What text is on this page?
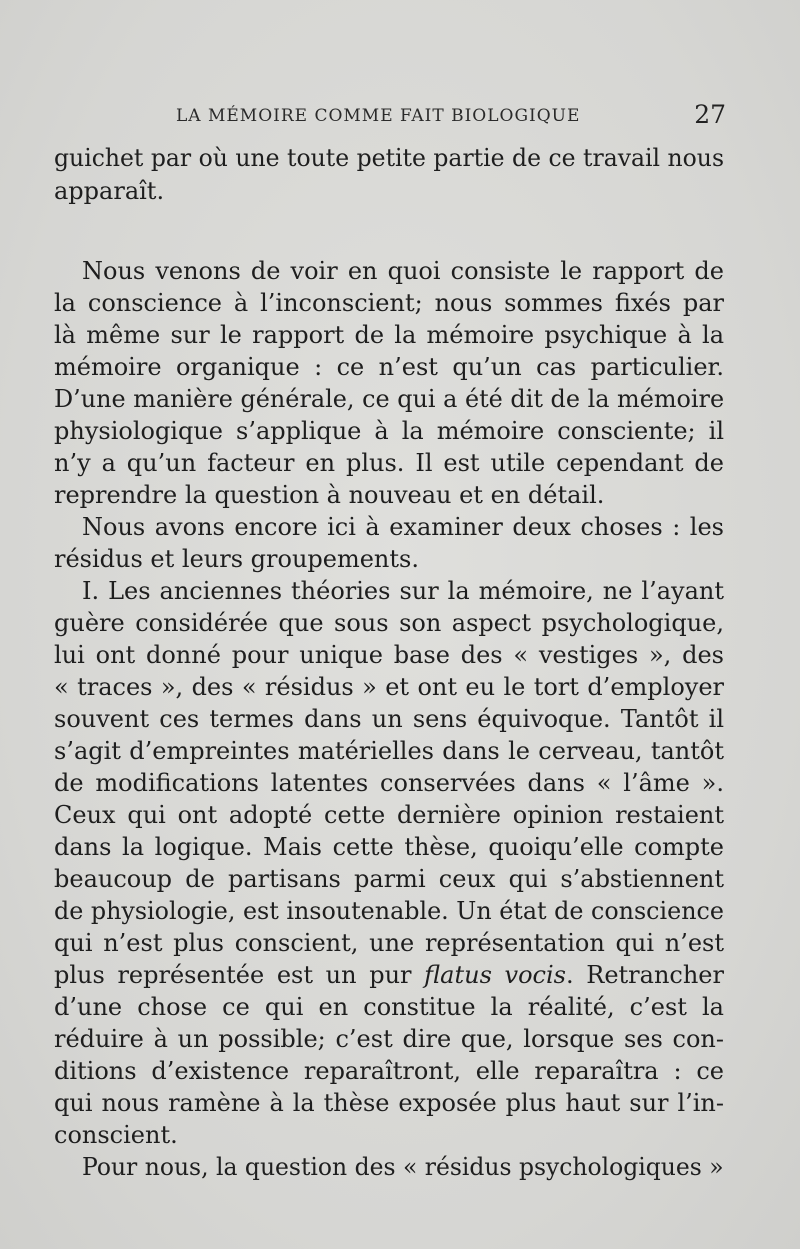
LA MÉMOIRE COMME FAIT BIOLOGIQUE	27
guichet par où une toute petite partie de ce travail nous
apparaît.
Nous venons de voir en quoi consiste le rapport de
la conscience à l’inconscient; nous sommes fixés par
là même sur le rapport de la mémoire psychique à la
mémoire organique : ce n’est qu’un cas particulier.
D’une manière générale, ce qui a été dit de la mémoire
physiologique s’applique à la mémoire consciente; il
n’y a qu’un facteur en plus. Il est utile cependant de
reprendre la question à nouveau et en détail.
Nous avons encore ici à examiner deux choses : les
résidus et leurs groupements.
I. Les anciennes théories sur la mémoire, ne l’ayant
guère considérée que sous son aspect psychologique,
lui ont donné pour unique base des « vestiges », des
« traces », des « résidus » et ont eu le tort d’employer
souvent ces termes dans un sens équivoque. Tantôt il
s’agit d’empreintes matérielles dans le cerveau, tantôt
de modifications latentes conservées dans « l’âme ».
Ceux qui ont adopté cette dernière opinion restaient
dans la logique. Mais cette thèse, quoiqu’elle compte
beaucoup de partisans parmi ceux qui s’abstiennent
de physiologie, est insoutenable. Un état de conscience
qui n’est plus conscient, une représentation qui n’est
plus représentée est un pur flatus vocis. Retrancher
d’une chose ce qui en constitue la réalité, c’est la
réduire à un possible; c’est dire que, lorsque ses con-
ditions d’existence reparaîtront, elle reparaîtra : ce
qui nous ramène à la thèse exposée plus haut sur l’in-
conscient.
Pour nous, la question des « résidus psychologiques »
